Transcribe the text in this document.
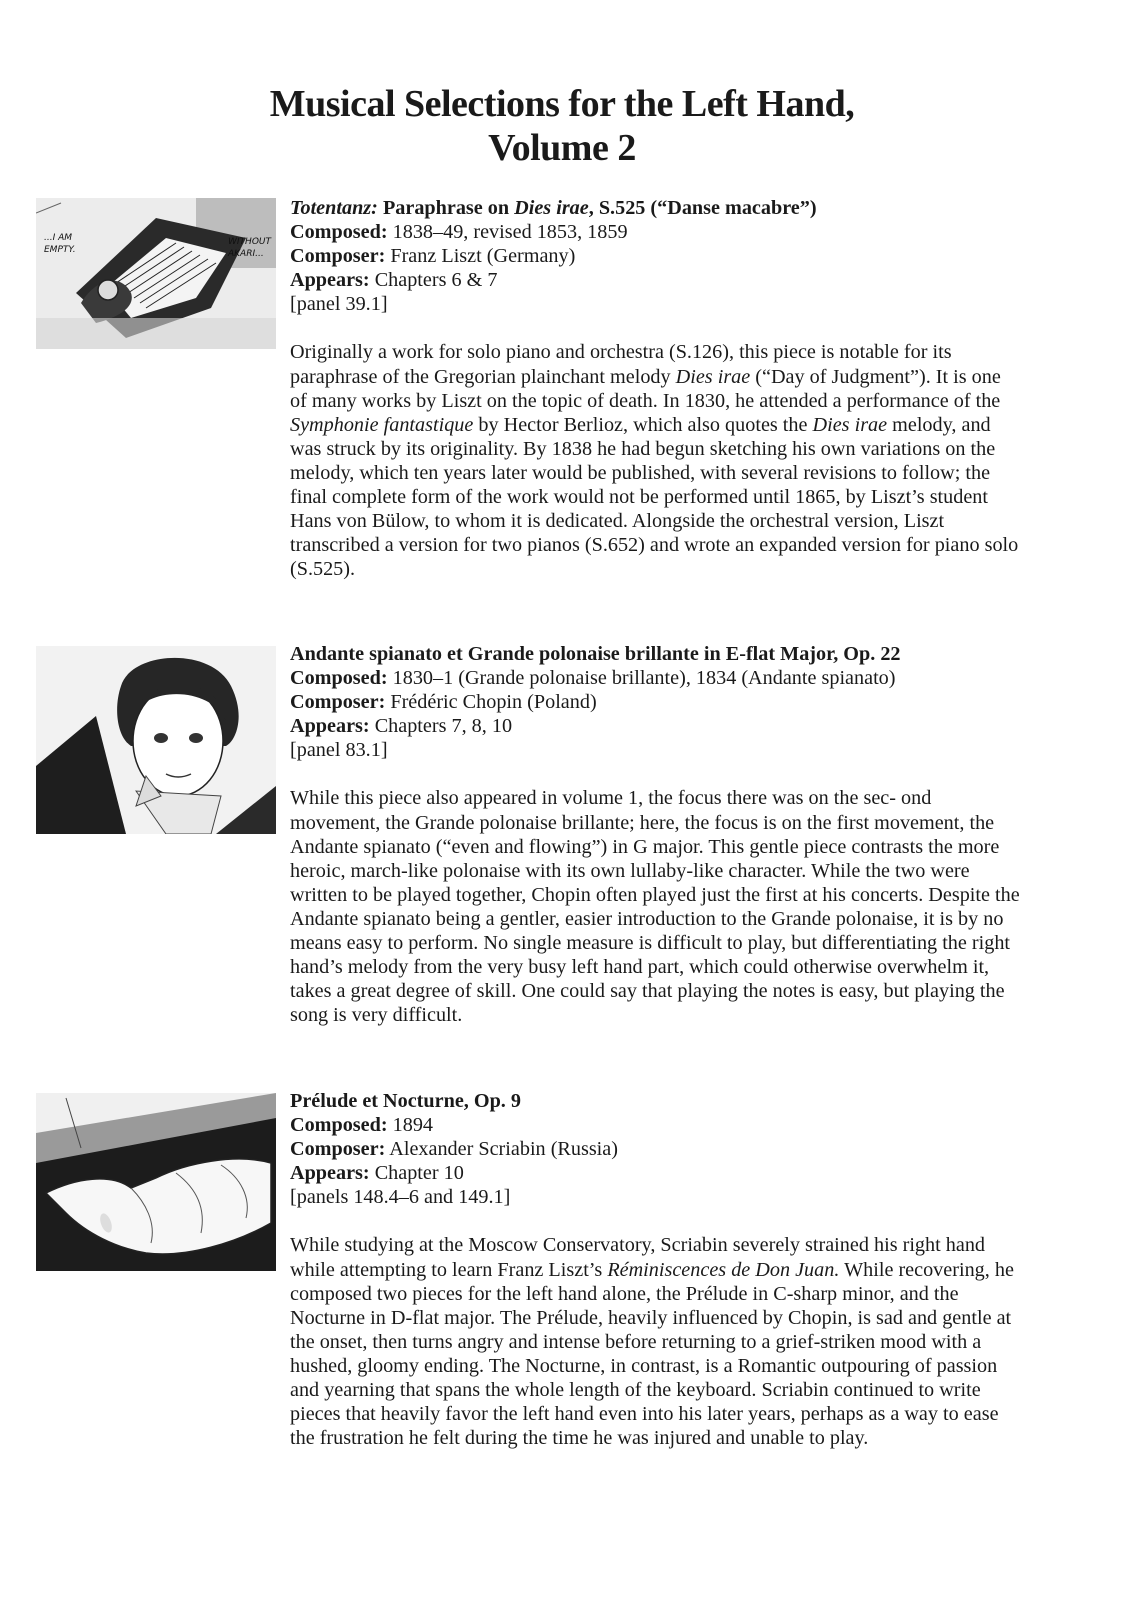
Musical Selections for the Left Hand,
Volume 2
...I AM
EMPTY.
WITHOUT
AKARI...
Totentanz: Paraphrase on Dies irae, S.525 (“Danse macabre”)
Composed: 1838–49, revised 1853, 1859
Composer: Franz Liszt (Germany)
Appears: Chapters 6 & 7
[panel 39.1]

Originally a work for solo piano and orchestra (S.126), this piece is notable for its paraphrase of the Gregorian plainchant melody Dies irae (“Day of Judgment”). It is one of many works by Liszt on the topic of death. In 1830, he attended a performance of the Symphonie fantastique by Hector Berlioz, which also quotes the Dies irae melody, and was struck by its originality. By 1838 he had begun sketching his own variations on the melody, which ten years later would be published, with several revisions to follow; the final complete form of the work would not be performed until 1865, by Liszt’s student Hans von Bülow, to whom it is dedicated. Alongside the orchestral version, Liszt transcribed a version for two pianos (S.652) and wrote an expanded version for piano solo (S.525).

Andante spianato et Grande polonaise brillante in E-flat Major, Op. 22
Composed: 1830–1 (Grande polonaise brillante), 1834 (Andante spianato)
Composer: Frédéric Chopin (Poland)
Appears: Chapters 7, 8, 10
[panel 83.1]

While this piece also appeared in volume 1, the focus there was on the sec- ond movement, the Grande polonaise brillante; here, the focus is on the first movement, the Andante spianato (“even and flowing”) in G major. This gentle piece contrasts the more heroic, march-like polonaise with its own lullaby-like character. While the two were written to be played together, Chopin often played just the first at his concerts. Despite the Andante spianato being a gentler, easier introduction to the Grande polonaise, it is by no means easy to perform. No single measure is difficult to play, but differentiating the right hand’s melody from the very busy left hand part, which could otherwise overwhelm it, takes a great degree of skill. One could say that playing the notes is easy, but playing the song is very difficult.

Prélude et Nocturne, Op. 9
Composed: 1894
Composer: Alexander Scriabin (Russia)
Appears: Chapter 10
[panels 148.4–6 and 149.1]

While studying at the Moscow Conservatory, Scriabin severely strained his right hand while attempting to learn Franz Liszt’s Réminiscences de Don Juan. While recovering, he composed two pieces for the left hand alone, the Prélude in C-sharp minor, and the Nocturne in D-flat major. The Prélude, heavily influenced by Chopin, is sad and gentle at the onset, then turns angry and intense before returning to a grief-striken mood with a hushed, gloomy ending. The Nocturne, in contrast, is a Romantic outpouring of passion and yearning that spans the whole length of the keyboard. Scriabin continued to write pieces that heavily favor the left hand even into his later years, perhaps as a way to ease the frustration he felt during the time he was injured and unable to play.
